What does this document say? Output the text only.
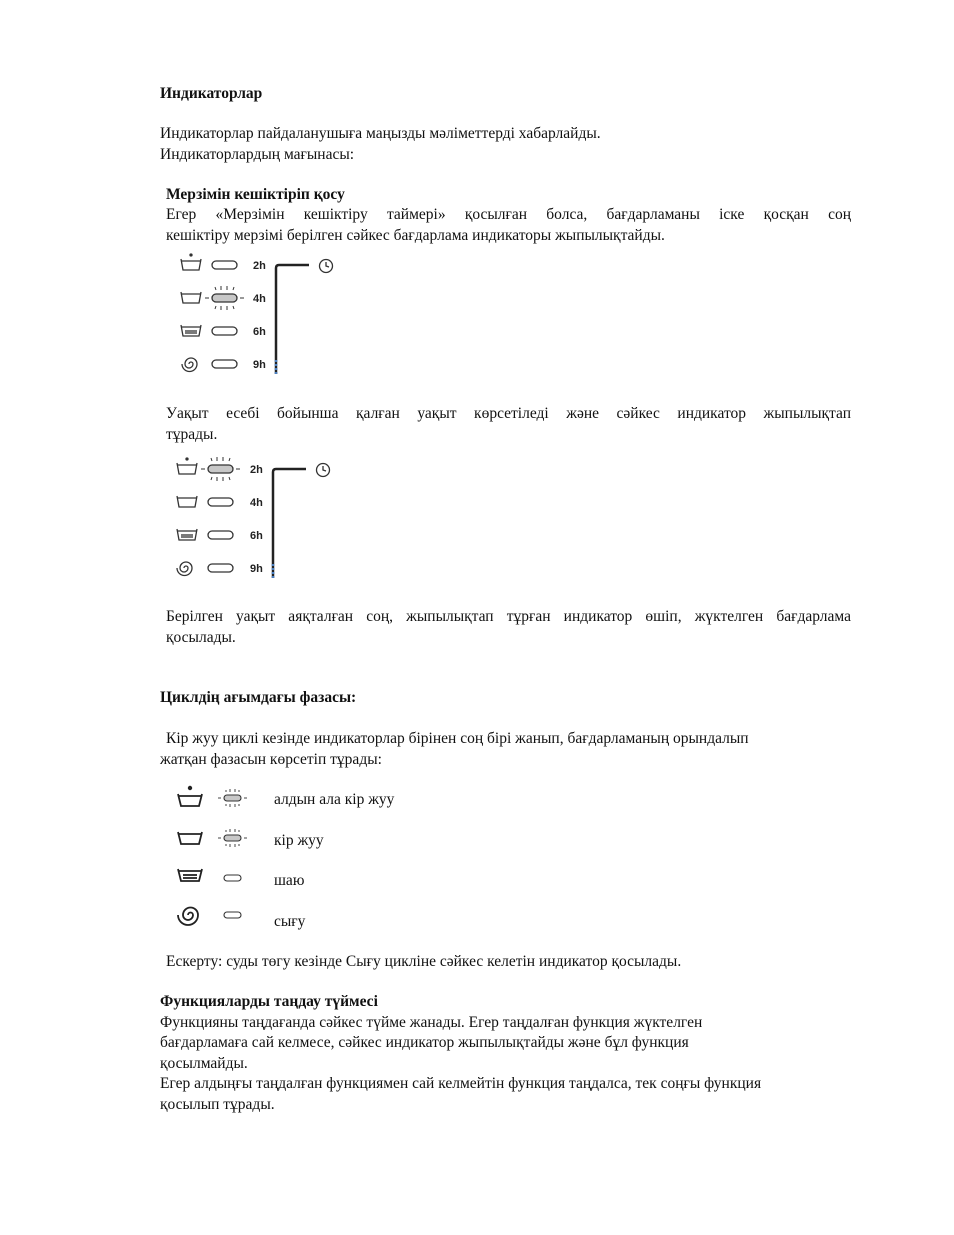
Индикаторлар
Индикаторлар пайдаланушыға маңызды мәліметтерді хабарлайды.
Индикаторлардың мағынасы:
Мерзімін кешіктіріп қосу
Егер «Мерзімін кешіктіру таймері» қосылған болса, бағдарламаны іске қосқан соң
кешіктіру мерзімі берілген сәйкес бағдарлама индикаторы жыпылықтайды.
2h
4h
6h
9h
Уақыт есебі бойынша қалған уақыт көрсетіледі және сәйкес индикатор жыпылықтап
тұрады.
2h
4h
6h
9h
Берілген уақыт аяқталған соң, жыпылықтап тұрған индикатор өшіп, жүктелген бағдарлама
қосылады.
Циклдің ағымдағы фазасы:
Кір жуу циклі кезінде индикаторлар бірінен соң бірі жанып, бағдарламаның орындалып
жатқан фазасын көрсетіп тұрады:
алдын ала кір жуу
кір жуу
шаю
сығу
Ескерту: суды төгу кезінде Сығу цикліне сәйкес келетін индикатор қосылады.
Функцияларды таңдау түймесі
Функцияны таңдағанда сәйкес түйме жанады. Егер таңдалған функция жүктелген
бағдарламаға сай келмесе, сәйкес индикатор жыпылықтайды және бұл функция
қосылмайды.
Егер алдыңғы таңдалған функциямен сай келмейтін функция таңдалса, тек соңғы функция
қосылып тұрады.
